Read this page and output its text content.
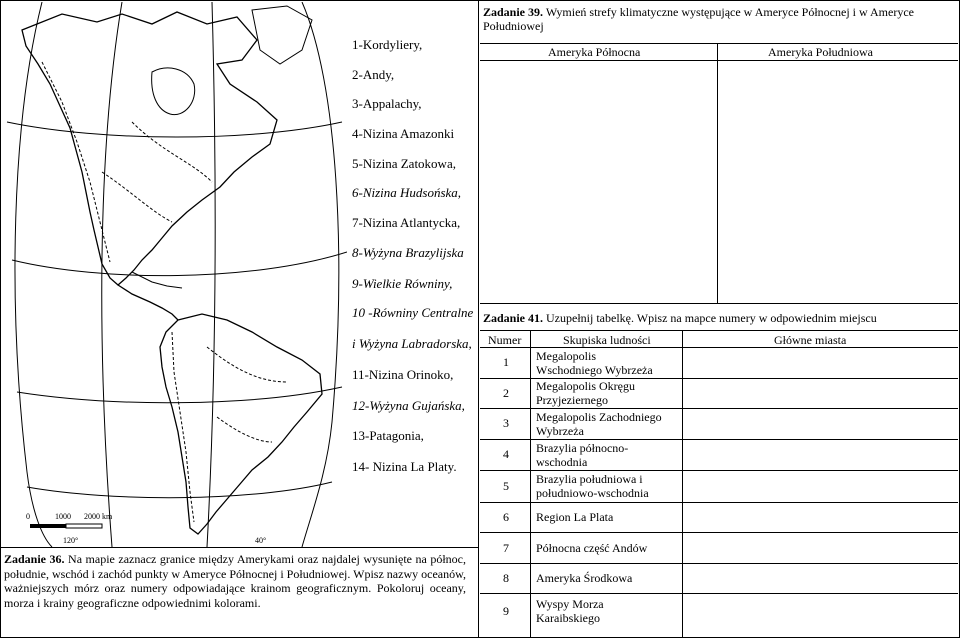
0	1000 2000 km
120°	40°
1-Kordyliery,
2-Andy,
3-Appalachy,
4-Nizina Amazonki
5-Nizina Zatokowa,
6-Nizina Hudsońska,
7-Nizina Atlantycka,
8-Wyżyna Brazylijska
9-Wielkie Równiny,
10 -Równiny Centralne
i Wyżyna Labradorska,
11-Nizina Orinoko,
12-Wyżyna Gujańska,
13-Patagonia,
14- Nizina La Platy.
Zadanie 36. Na mapie zaznacz granice między Amerykami oraz najdalej wysunięte na północ, południe, wschód i zachód punkty w Ameryce Północnej i Południowej. Wpisz nazwy oceanów, ważniejszych mórz oraz numery odpowiadające krainom geograficznym. Pokoloruj oceany, morza i krainy geograficzne odpowiednimi kolorami.
Zadanie 39. Wymień strefy klimatyczne występujące w Ameryce Północnej i w Ameryce Południowej
Ameryka Północna	Ameryka Południowa
Zadanie 41. Uzupełnij tabelkę. Wpisz na mapce numery w odpowiednim miejscu
Numer	Skupiska ludności	Główne miasta
1	Megalopolis
Wschodniego Wybrzeża
2	Megalopolis Okręgu
Przyjeziernego
3	Megalopolis Zachodniego
Wybrzeża
4	Brazylia północno-
wschodnia
5	Brazylia południowa i
południowo-wschodnia
6	Region La Plata
7	Północna część Andów
8	Ameryka Środkowa
9	Wyspy Morza
Karaibskiego
